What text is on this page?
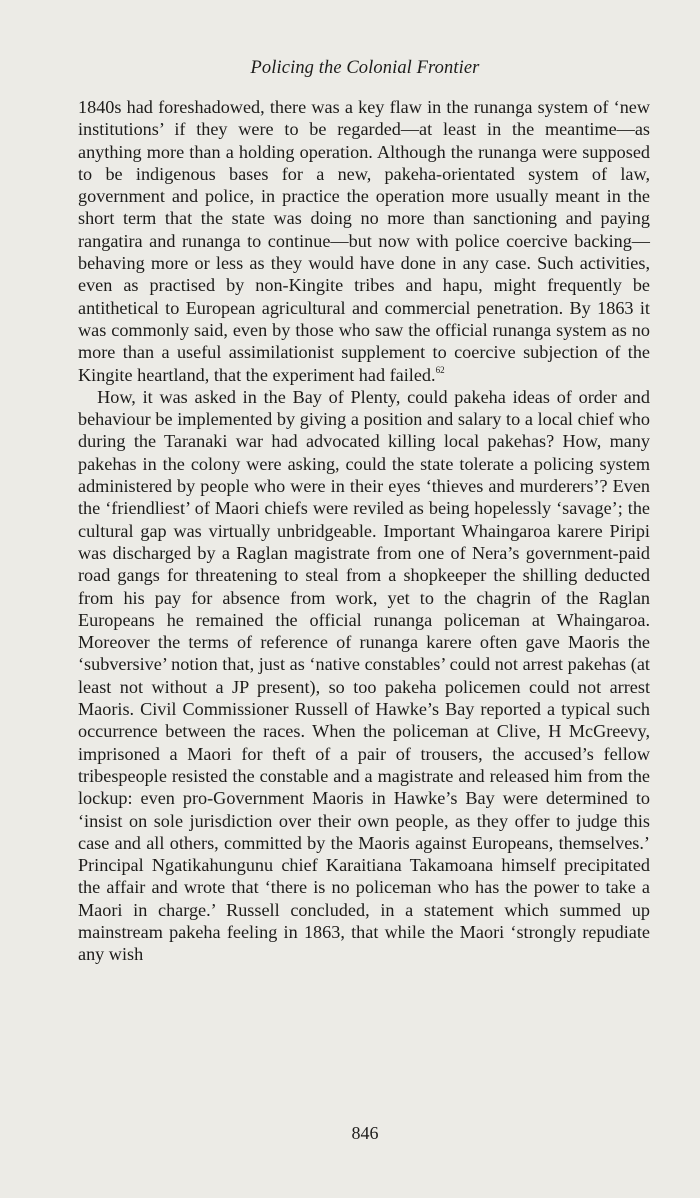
Policing the Colonial Frontier

1840s had foreshadowed, there was a key flaw in the runanga system of ‘new institutions’ if they were to be regarded—at least in the meantime—as anything more than a holding operation. Although the runanga were supposed to be indigenous bases for a new, pakeha-orientated system of law, government and police, in practice the operation more usually meant in the short term that the state was doing no more than sanctioning and paying rangatira and runanga to continue—but now with police coercive backing— behaving more or less as they would have done in any case. Such activities, even as practised by non-Kingite tribes and hapu, might frequently be antithetical to European agricultural and commercial penetration. By 1863 it was commonly said, even by those who saw the official runanga system as no more than a useful assimilationist supplement to coercive subjection of the Kingite heartland, that the experiment had failed.$^{62}$

How, it was asked in the Bay of Plenty, could pakeha ideas of order and behaviour be implemented by giving a position and salary to a local chief who during the Taranaki war had advocated killing local pakehas? How, many pakehas in the colony were asking, could the state tolerate a policing system administered by people who were in their eyes ‘thieves and murderers’? Even the ‘friendliest’ of Maori chiefs were reviled as being hopelessly ‘savage’; the cultural gap was virtually unbridgeable. Important Whaingaroa karere Piripi was discharged by a Raglan magistrate from one of Nera’s government-paid road gangs for threatening to steal from a shopkeeper the shilling deducted from his pay for absence from work, yet to the chagrin of the Raglan Europeans he remained the official runanga policeman at Whaingaroa. Moreover the terms of reference of runanga karere often gave Maoris the ‘subversive’ notion that, just as ‘native constables’ could not arrest pakehas (at least not without a JP present), so too pakeha policemen could not arrest Maoris. Civil Commissioner Russell of Hawke’s Bay reported a typical such occurrence between the races. When the policeman at Clive, H McGreevy, imprisoned a Maori for theft of a pair of trousers, the accused’s fellow tribespeople resisted the constable and a magistrate and released him from the lockup: even pro-Government Maoris in Hawke’s Bay were determined to ‘insist on sole jurisdiction over their own people, as they offer to judge this case and all others, committed by the Maoris against Europeans, themselves.’ Principal Ngatikahungunu chief Karaitiana Takamoana himself precipitated the affair and wrote that ‘there is no policeman who has the power to take a Maori in charge.’ Russell concluded, in a statement which summed up mainstream pakeha feeling in 1863, that while the Maori ‘strongly repudiate any wish

846
